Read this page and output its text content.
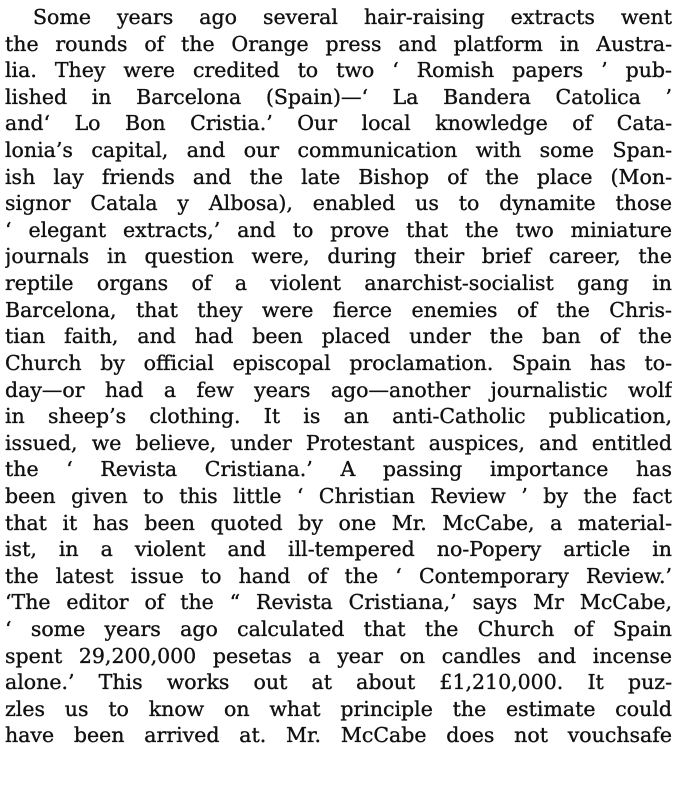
Some years ago several hair-raising extracts went
the rounds of the Orange press and platform in Austra-
lia. They were credited to two ‘ Romish papers ’ pub-
lished in Barcelona (Spain)—‘ La Bandera Catolica ’
and‘ Lo Bon Cristia.’ Our local knowledge of Cata-
lonia’s capital, and our communication with some Span-
ish lay friends and the late Bishop of the place (Mon-
signor Catala y Albosa), enabled us to dynamite those
‘ elegant extracts,’ and to prove that the two miniature
journals in question were, during their brief career, the
reptile organs of a violent anarchist-socialist gang in
Barcelona, that they were fierce enemies of the Chris-
tian faith, and had been placed under the ban of the
Church by official episcopal proclamation. Spain has to-
day—or had a few years ago—another journalistic wolf
in sheep’s clothing. It is an anti-Catholic publication,
issued, we believe, under Protestant auspices, and entitled
the ‘ Revista Cristiana.’ A passing importance has
been given to this little ‘ Christian Review ’ by the fact
that it has been quoted by one Mr. McCabe, a material-
ist, in a violent and ill-tempered no-Popery article in
the latest issue to hand of the ‘ Contemporary Review.’
‘The editor of the “ Revista Cristiana,’ says Mr McCabe,
‘ some years ago calculated that the Church of Spain
spent 29,200,000 pesetas a year on candles and incense
alone.’ This works out at about £1,210,000. It puz-
zles us to know on what principle the estimate could
have been arrived at. Mr. McCabe does not vouchsafe
